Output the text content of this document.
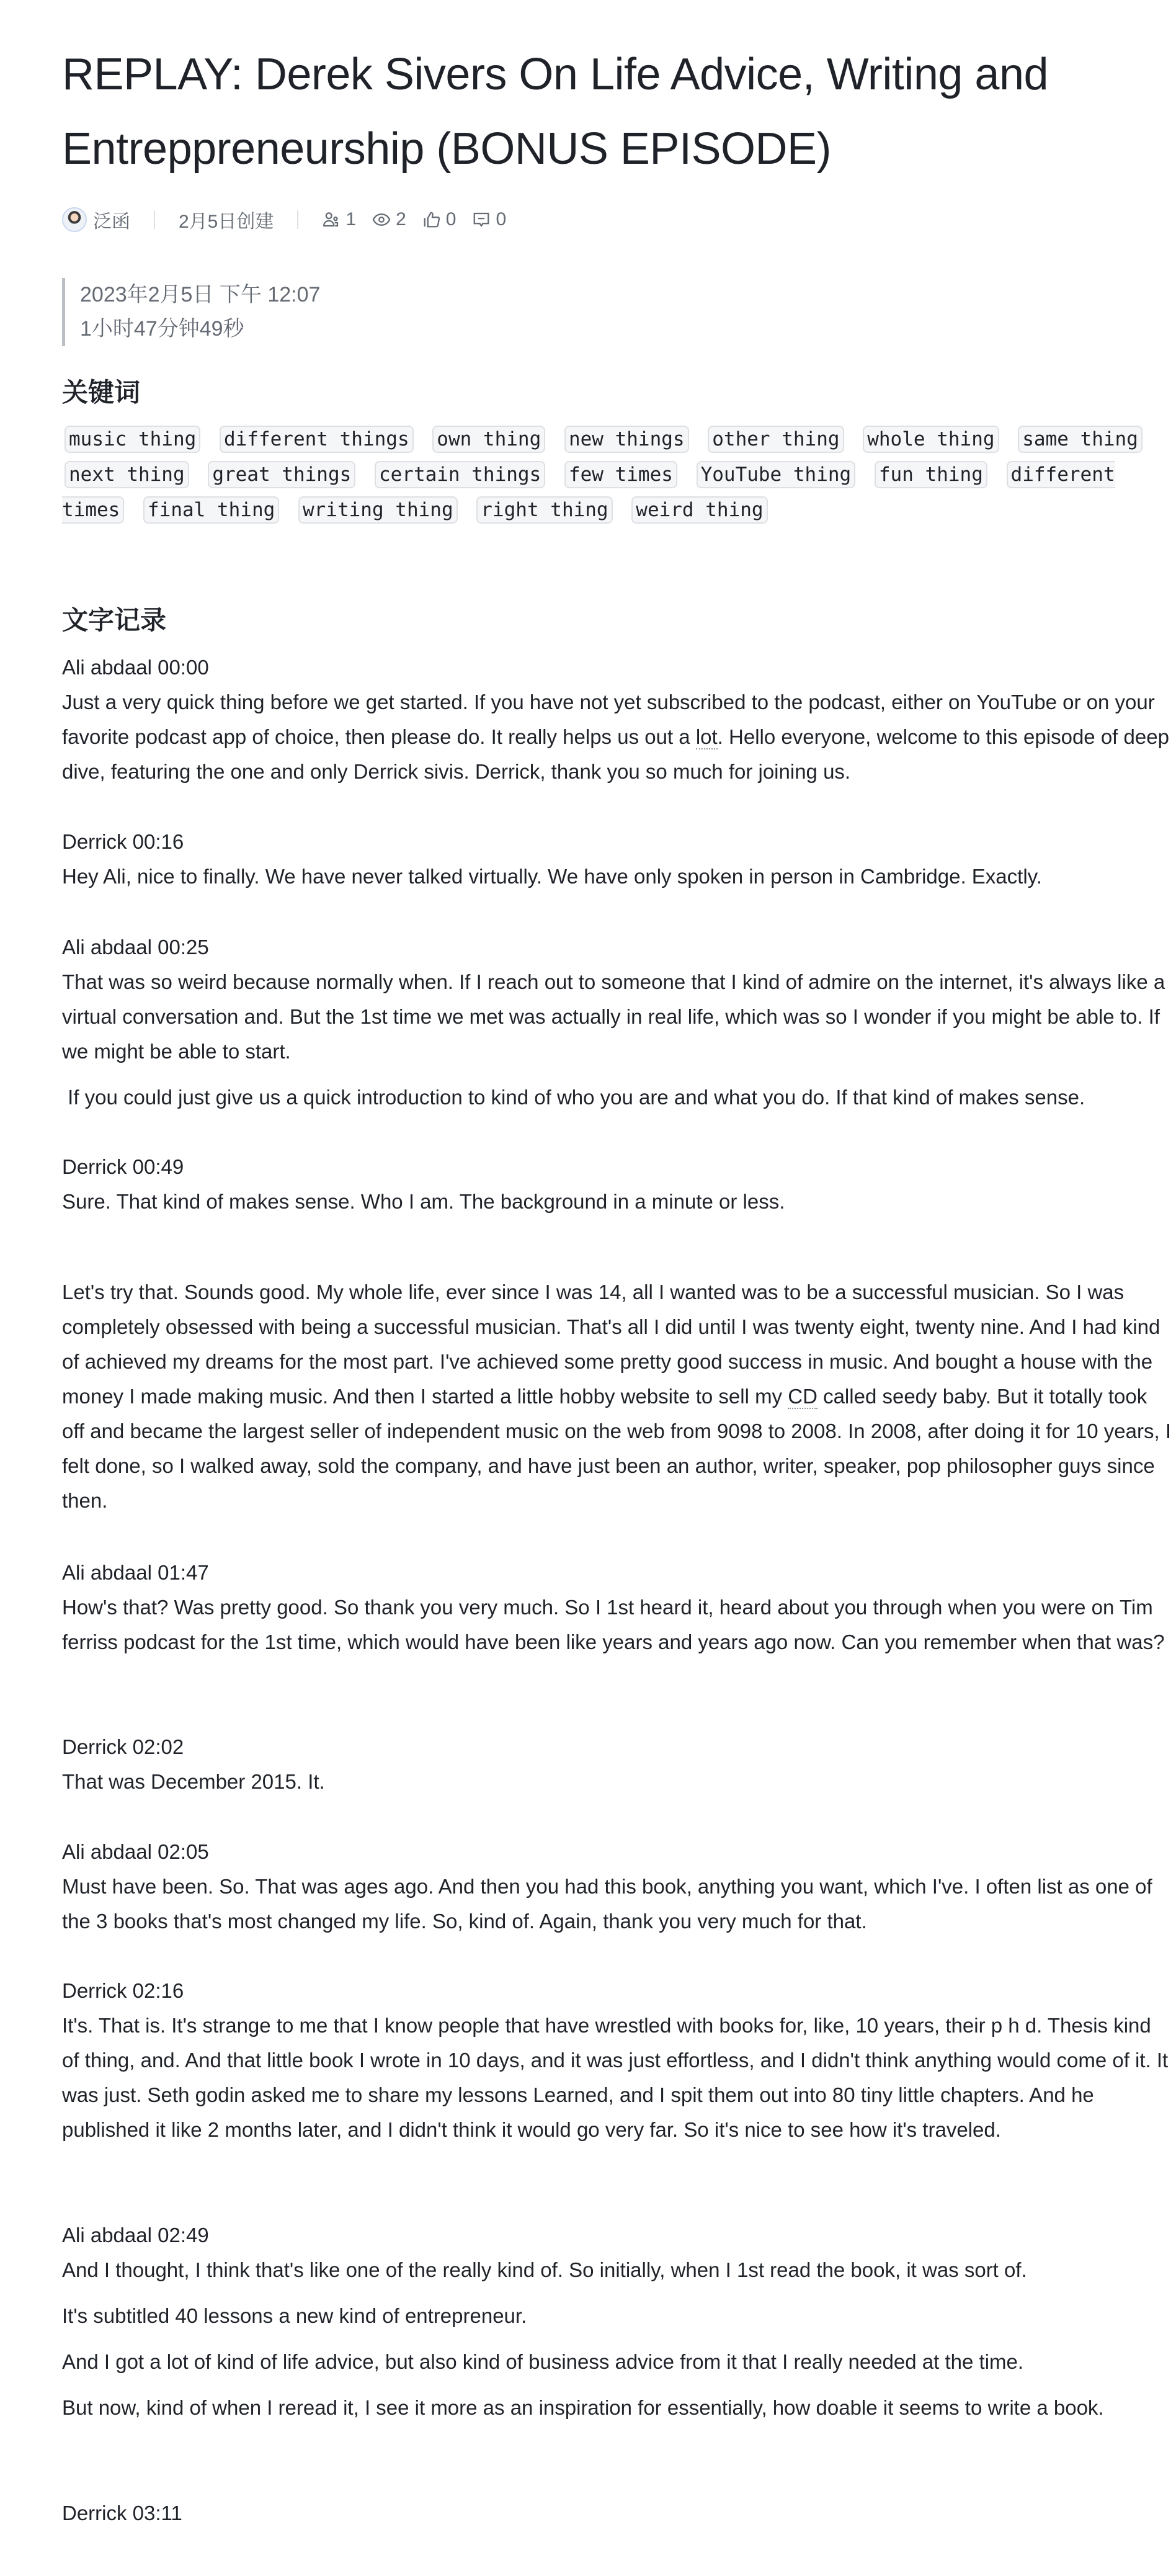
REPLAY: Derek Sivers On Life Advice, Writing and Entreppreneurship (BONUS EPISODE)
泛函	2月5日创建	1 2 0 0
2023年2月5日 下午 12:07
1小时47分钟49秒
关键词
music thing different things own thing new things other thing whole thing same thing next thing great things certain things few times YouTube thing fun thing different times final thing writing thing right thing weird thing
文字记录
Ali abdaal 00:00

Just a very quick thing before we get started. If you have not yet subscribed to the podcast, either on YouTube or on your favorite podcast app of choice, then please do. It really helps us out a lot. Hello everyone, welcome to this episode of deep dive, featuring the one and only Derrick sivis. Derrick, thank you so much for joining us.

Derrick 00:16

Hey Ali, nice to finally. We have never talked virtually. We have only spoken in person in Cambridge. Exactly.

Ali abdaal 00:25

That was so weird because normally when. If I reach out to someone that I kind of admire on the internet, it's always like a virtual conversation and. But the 1st time we met was actually in real life, which was so I wonder if you might be able to. If we might be able to start.

If you could just give us a quick introduction to kind of who you are and what you do. If that kind of makes sense.

Derrick 00:49

Sure. That kind of makes sense. Who I am. The background in a minute or less.

Let's try that. Sounds good. My whole life, ever since I was 14, all I wanted was to be a successful musician. So I was completely obsessed with being a successful musician. That's all I did until I was twenty eight, twenty nine. And I had kind of achieved my dreams for the most part. I've achieved some pretty good success in music. And bought a house with the money I made making music. And then I started a little hobby website to sell my CD called seedy baby. But it totally took off and became the largest seller of independent music on the web from 9098 to 2008. In 2008, after doing it for 10 years, I felt done, so I walked away, sold the company, and have just been an author, writer, speaker, pop philosopher guys since then.

Ali abdaal 01:47

How's that? Was pretty good. So thank you very much. So I 1st heard it, heard about you through when you were on Tim ferriss podcast for the 1st time, which would have been like years and years ago now. Can you remember when that was?

Derrick 02:02

That was December 2015. It.

Ali abdaal 02:05

Must have been. So. That was ages ago. And then you had this book, anything you want, which I've. I often list as one of the 3 books that's most changed my life. So, kind of. Again, thank you very much for that.

Derrick 02:16

It's. That is. It's strange to me that I know people that have wrestled with books for, like, 10 years, their p h d. Thesis kind of thing, and. And that little book I wrote in 10 days, and it was just effortless, and I didn't think anything would come of it. It was just. Seth godin asked me to share my lessons Learned, and I spit them out into 80 tiny little chapters. And he published it like 2 months later, and I didn't think it would go very far. So it's nice to see how it's traveled.

Ali abdaal 02:49

And I thought, I think that's like one of the really kind of. So initially, when I 1st read the book, it was sort of.

It's subtitled 40 lessons a new kind of entrepreneur.

And I got a lot of kind of life advice, but also kind of business advice from it that I really needed at the time.

But now, kind of when I reread it, I see it more as an inspiration for essentially, how doable it seems to write a book.

Derrick 03:11
